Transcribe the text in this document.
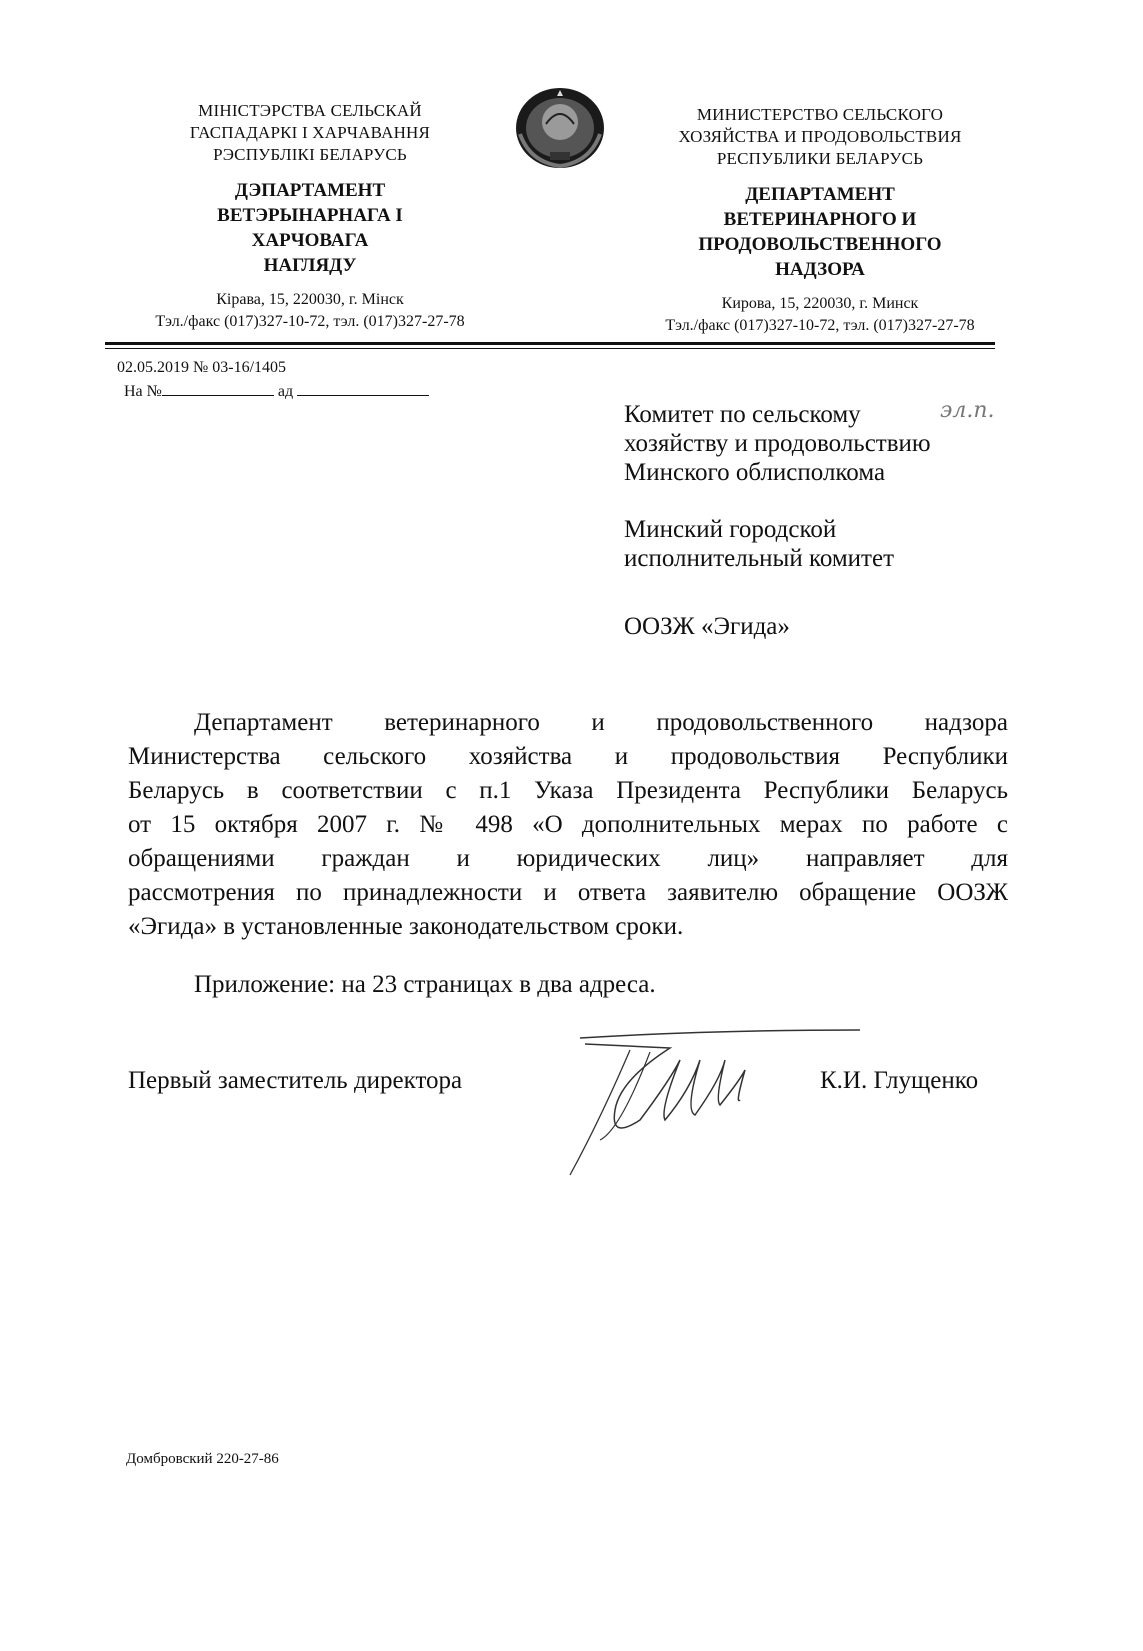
МІНІСТЭРСТВА СЕЛЬСКАЙ
ГАСПАДАРКІ І ХАРЧАВАННЯ
РЭСПУБЛІКІ БЕЛАРУСЬ
ДЭПАРТАМЕНТ
ВЕТЭРЫНАРНАГА І
ХАРЧОВАГА
НАГЛЯДУ
Кірава, 15, 220030, г. Мінск
Тэл./факс (017)327-10-72, тэл. (017)327-27-78
МИНИСТЕРСТВО СЕЛЬСКОГО
ХОЗЯЙСТВА И ПРОДОВОЛЬСТВИЯ
РЕСПУБЛИКИ БЕЛАРУСЬ
ДЕПАРТАМЕНТ
ВЕТЕРИНАРНОГО И
ПРОДОВОЛЬСТВЕННОГО
НАДЗОРА
Кирова, 15, 220030, г. Минск
Тэл./факс (017)327-10-72, тэл. (017)327-27-78
02.05.2019 № 03-16/1405
На №	ад
Комитет по сельскому
хозяйству и продовольствию
Минского облисполкома
эл.п.
Минский городской
исполнительный комитет
ООЗЖ «Эгида»
Департамент ветеринарного и продовольственного надзора
Министерства сельского хозяйства и продовольствия Республики
Беларусь в соответствии с п.1 Указа Президента Республики Беларусь
от 15 октября 2007 г. № 498 «О дополнительных мерах по работе с
обращениями граждан и юридических лиц» направляет для
рассмотрения по принадлежности и ответа заявителю обращение ООЗЖ
«Эгида» в установленные законодательством сроки.
Приложение: на 23 страницах в два адреса.
Первый заместитель директора	К.И. Глущенко
Домбровский 220-27-86
